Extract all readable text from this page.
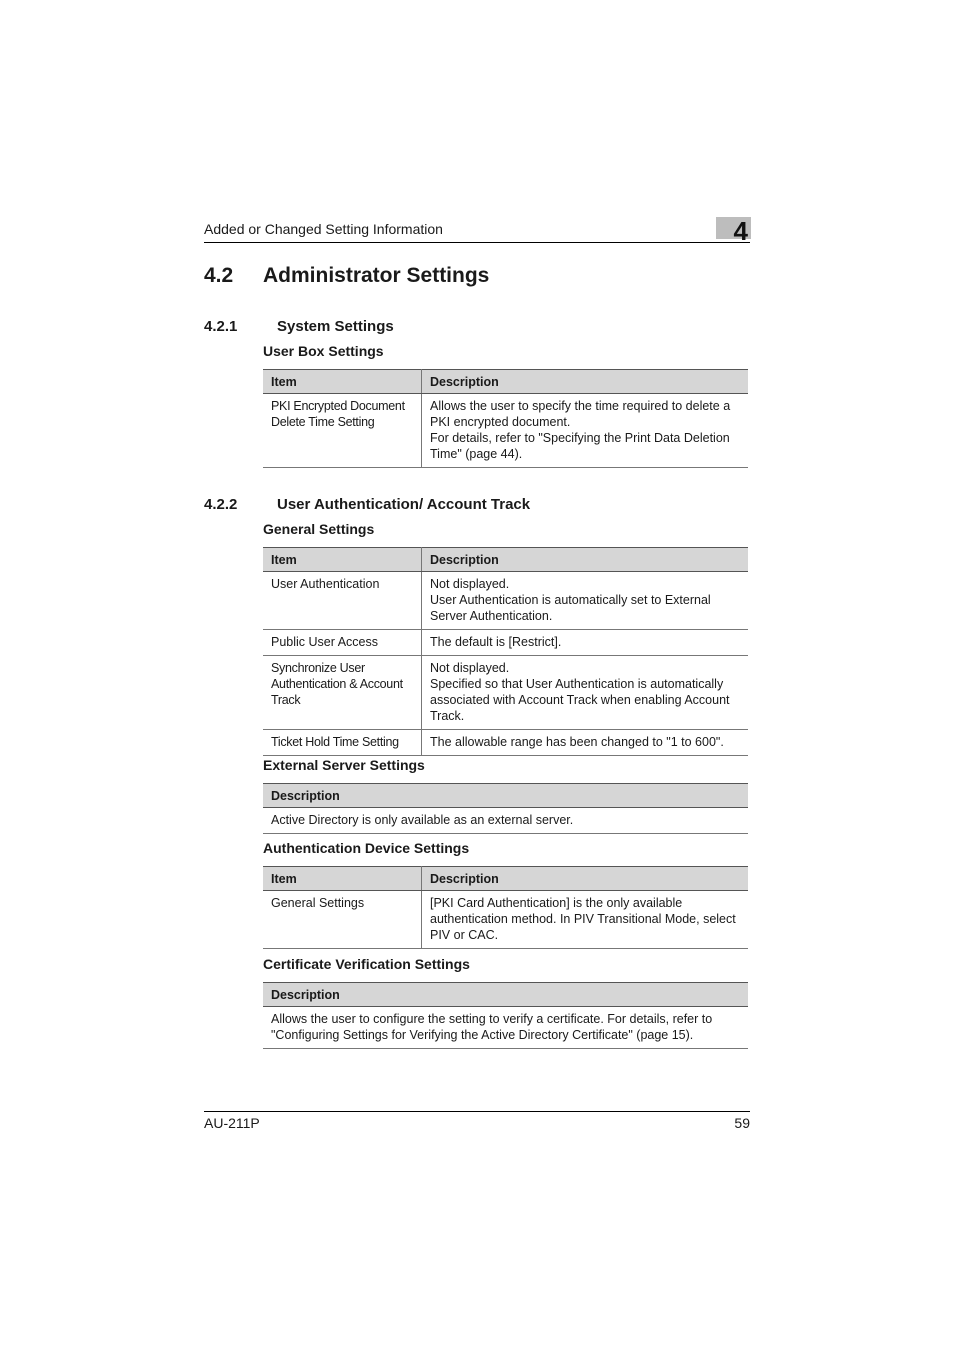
Added or Changed Setting Information	4
4.2 Administrator Settings
4.2.1	System Settings
User Box Settings
Item	Description

PKI Encrypted Document
Delete Time Setting	Allows the user to specify the time required to delete a
PKI encrypted document.
For details, refer to "Specifying the Print Data Deletion
Time" (page 44).
4.2.2	User Authentication/ Account Track
General Settings
Item	Description

User Authentication	Not displayed.
User Authentication is automatically set to External
Server Authentication.

Public User Access	The default is [Restrict].

Synchronize User
Authentication & Account
Track	Not displayed.
Specified so that User Authentication is automatically
associated with Account Track when enabling Account
Track.

Ticket Hold Time Setting	The allowable range has been changed to "1 to 600".
External Server Settings
Description

Active Directory is only available as an external server.
Authentication Device Settings
Item	Description

General Settings	[PKI Card Authentication] is the only available
authentication method. In PIV Transitional Mode, select
PIV or CAC.
Certificate Verification Settings
Description

Allows the user to configure the setting to verify a certificate. For details, refer to
"Configuring Settings for Verifying the Active Directory Certificate" (page 15).
AU-211P	59
